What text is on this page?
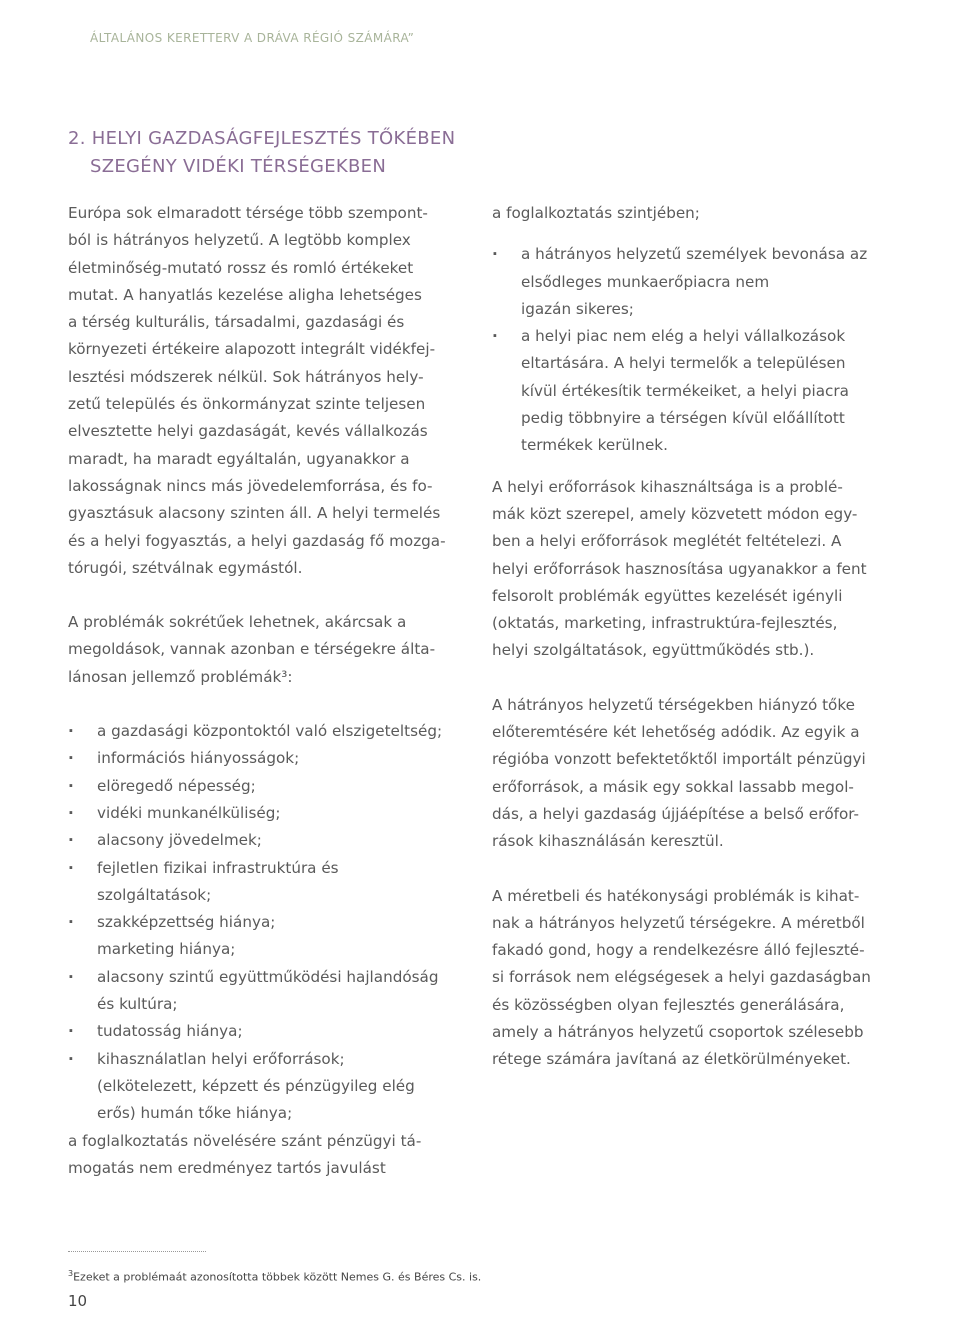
ÁLTALÁNOS KERETTERV A DRÁVA RÉGIÓ SZÁMÁRA”
2. HELYI GAZDASÁGFEJLESZTÉS TŐKÉBEN
SZEGÉNY VIDÉKI TÉRSÉGEKBEN

Európa sok elmaradott térsége több szempont-
ból is hátrányos helyzetű. A legtöbb komplex
életminőség-mutató rossz és romló értékeket
mutat. A hanyatlás kezelése aligha lehetséges
a térség kulturális, társadalmi, gazdasági és
környezeti értékeire alapozott integrált vidékfej-
lesztési módszerek nélkül. Sok hátrányos hely-
zetű település és önkormányzat szinte teljesen
elvesztette helyi gazdaságát, kevés vállalkozás
maradt, ha maradt egyáltalán, ugyanakkor a
lakosságnak nincs más jövedelemforrása, és fo-
gyasztásuk alacsony szinten áll. A helyi termelés
és a helyi fogyasztás, a helyi gazdaság fő mozga-
tórugói, szétválnak egymástól.

A problémák sokrétűek lehetnek, akárcsak a
megoldások, vannak azonban e térségekre álta-
lánosan jellemző problémák³:

· a gazdasági központoktól való elszigeteltség;
· információs hiányosságok;
· elöregedő népesség;
· vidéki munkanélküliség;
· alacsony jövedelmek;
· fejletlen fizikai infrastruktúra és
szolgáltatások;
· szakképzettség hiánya;
marketing hiánya;
· alacsony szintű együttműködési hajlandóság
és kultúra;
· tudatosság hiánya;
· kihasználatlan helyi erőforrások;
(elkötelezett, képzett és pénzügyileg elég
erős) humán tőke hiánya;

a foglalkoztatás növelésére szánt pénzügyi tá-
mogatás nem eredményez tartós javulást

a foglalkoztatás szintjében;

· a hátrányos helyzetű személyek bevonása az
elsődleges munkaerőpiacra nem
igazán sikeres;
· a helyi piac nem elég a helyi vállalkozások
eltartására. A helyi termelők a településen
kívül értékesítik termékeiket, a helyi piacra
pedig többnyire a térségen kívül előállított
termékek kerülnek.

A helyi erőforrások kihasználtsága is a problé-
mák közt szerepel, amely közvetett módon egy-
ben a helyi erőforrások meglétét feltételezi. A
helyi erőforrások hasznosítása ugyanakkor a fent
felsorolt problémák együttes kezelését igényli
(oktatás, marketing, infrastruktúra-fejlesztés,
helyi szolgáltatások, együttműködés stb.).

A hátrányos helyzetű térségekben hiányzó tőke
előteremtésére két lehetőség adódik. Az egyik a
régióba vonzott befektetőktől importált pénzügyi
erőforrások, a másik egy sokkal lassabb megol-
dás, a helyi gazdaság újjáépítése a belső erőfor-
rások kihasználásán keresztül.

A méretbeli és hatékonysági problémák is kihat-
nak a hátrányos helyzetű térségekre. A méretből
fakadó gond, hogy a rendelkezésre álló fejleszté-
si források nem elégségesek a helyi gazdaságban
és közösségben olyan fejlesztés generálására,
amely a hátrányos helyzetű csoportok szélesebb
rétege számára javítaná az életkörülményeket.

$^3$Ezeket a problémaát azonosította többek között Nemes G. és Béres Cs. is.
10
